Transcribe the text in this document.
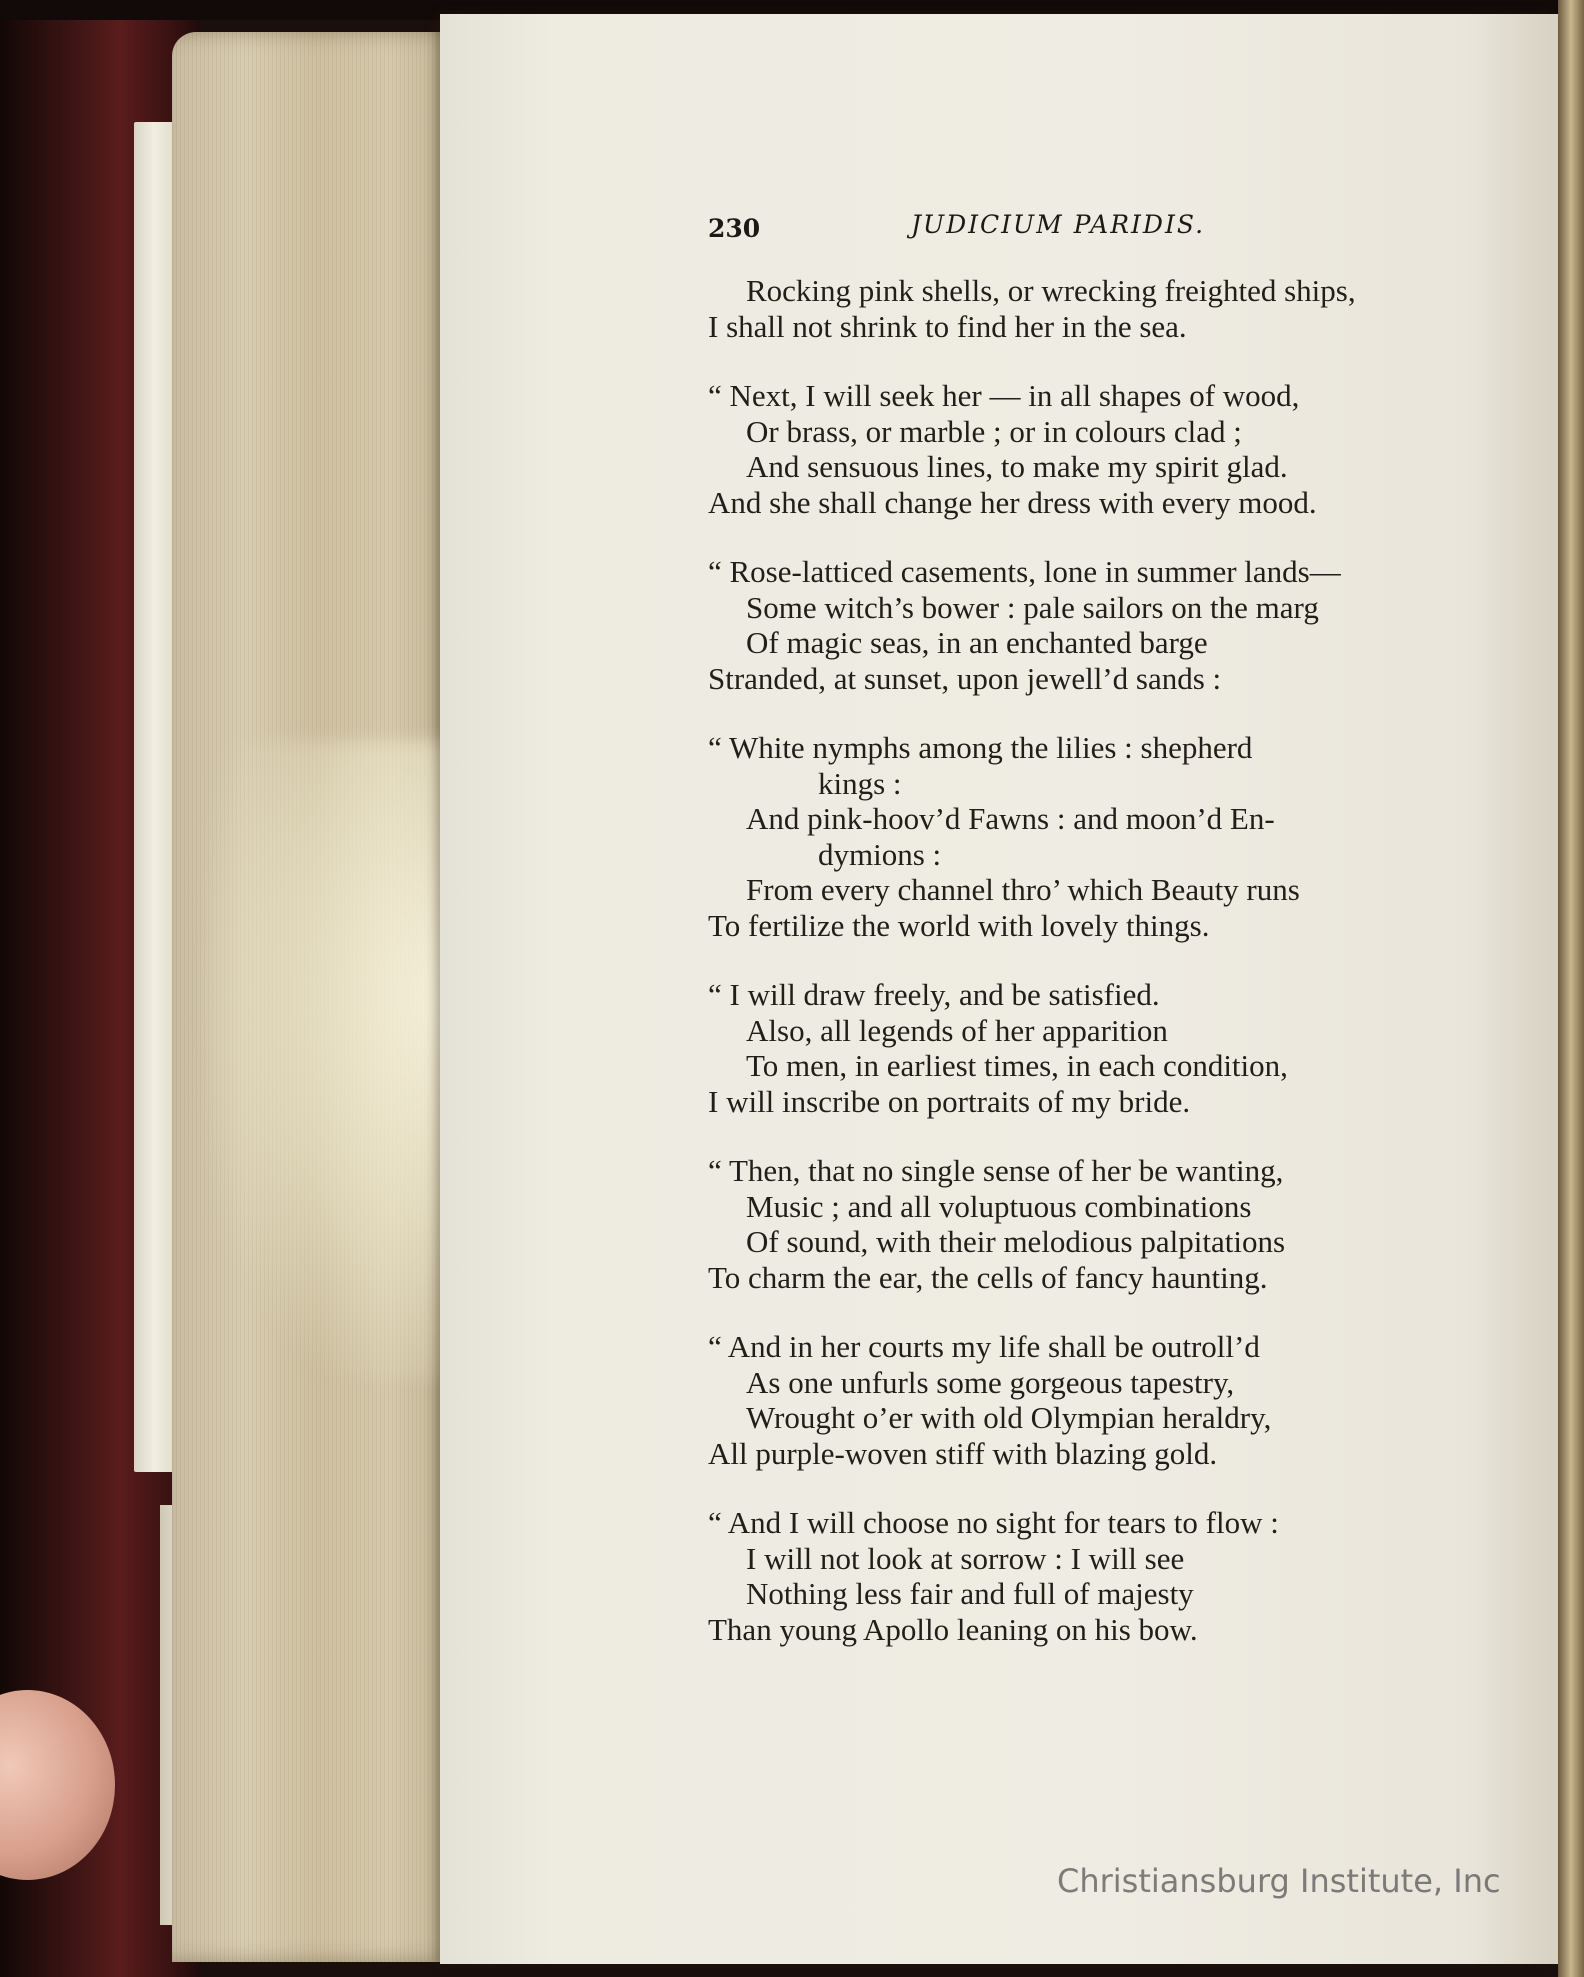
230	JUDICIUM PARIDIS.
Rocking pink shells, or wrecking freighted ships,
I shall not shrink to find her in the sea.
“ Next, I will seek her — in all shapes of wood,
Or brass, or marble ; or in colours clad ;
And sensuous lines, to make my spirit glad.
And she shall change her dress with every mood.
“ Rose-latticed casements, lone in summer lands—
Some witch’s bower : pale sailors on the marg
Of magic seas, in an enchanted barge
Stranded, at sunset, upon jewell’d sands :
“ White nymphs among the lilies : shepherd
kings :
And pink-hoov’d Fawns : and moon’d En-
dymions :
From every channel thro’ which Beauty runs
To fertilize the world with lovely things.
“ I will draw freely, and be satisfied.
Also, all legends of her apparition
To men, in earliest times, in each condition,
I will inscribe on portraits of my bride.
“ Then, that no single sense of her be wanting,
Music ; and all voluptuous combinations
Of sound, with their melodious palpitations
To charm the ear, the cells of fancy haunting.
“ And in her courts my life shall be outroll’d
As one unfurls some gorgeous tapestry,
Wrought o’er with old Olympian heraldry,
All purple-woven stiff with blazing gold.
“ And I will choose no sight for tears to flow :
I will not look at sorrow : I will see
Nothing less fair and full of majesty
Than young Apollo leaning on his bow.
Christiansburg Institute, Inc
